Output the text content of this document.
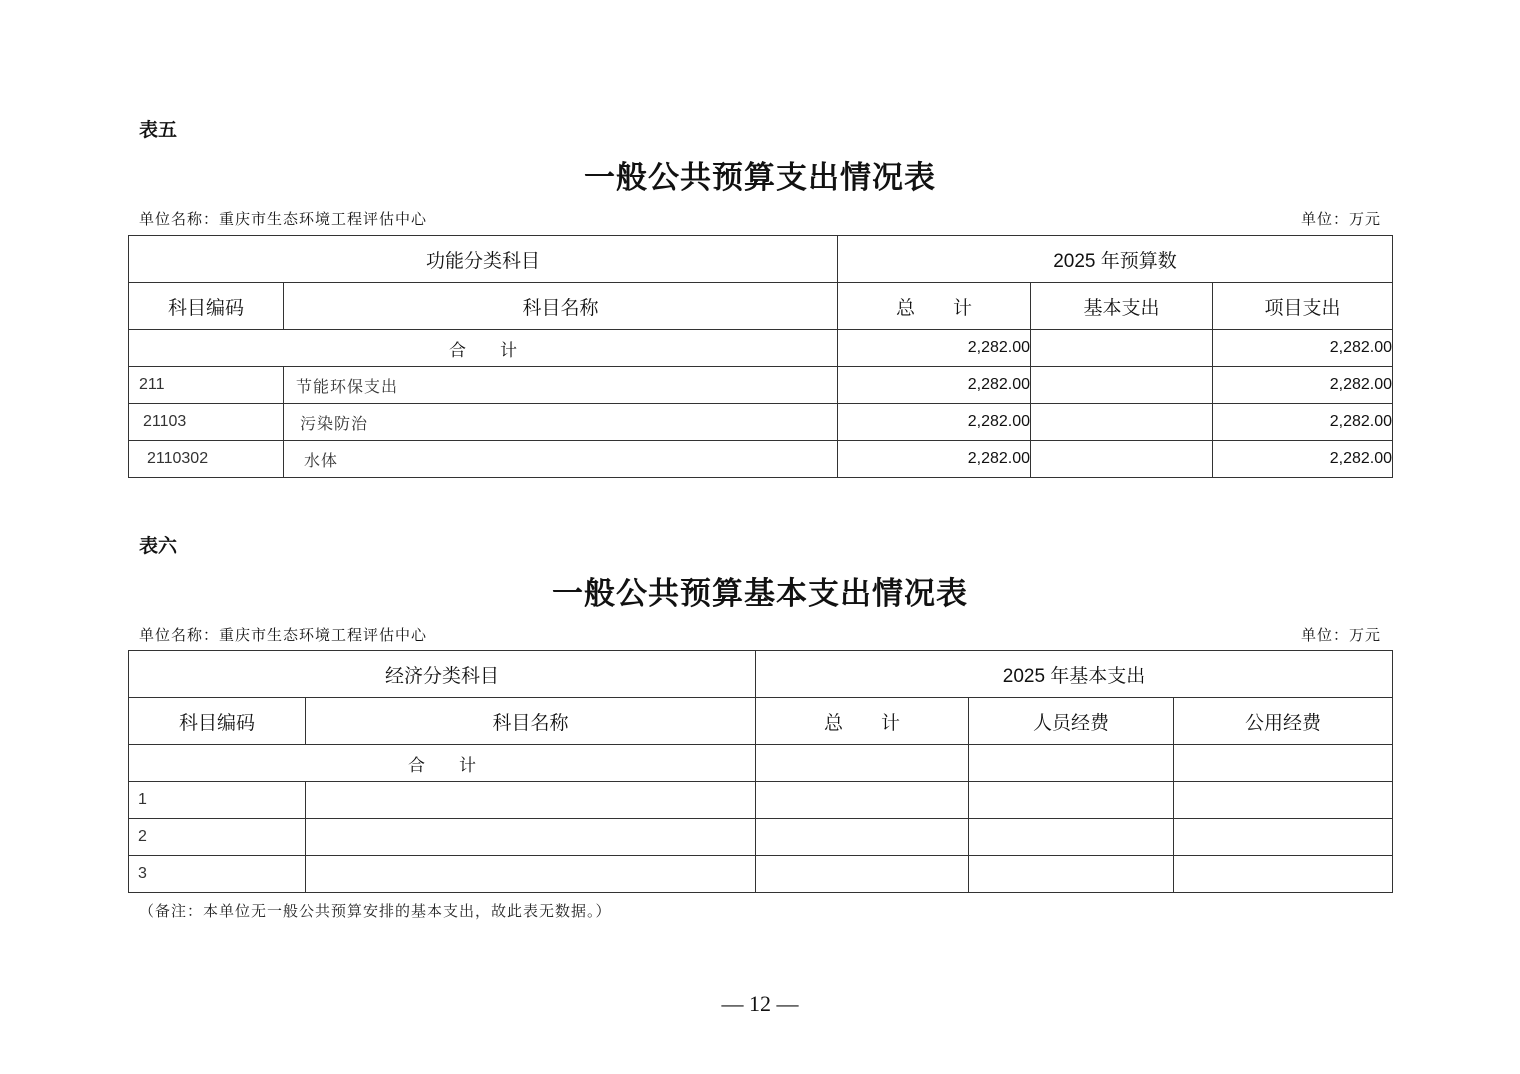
表五
一般公共预算支出情况表
单位名称：重庆市生态环境工程评估中心	单位：万元
功能分类科目		2025 年预算数		
科目编码	科目名称	总　　计	基本支出	项目支出
合　　计		2,282.00		2,282.00
211	节能环保支出	2,282.00		2,282.00
21103	污染防治	2,282.00		2,282.00
2110302	水体	2,282.00		2,282.00
表六
一般公共预算基本支出情况表
单位名称：重庆市生态环境工程评估中心	单位：万元
经济分类科目		2025 年基本支出		
科目编码	科目名称	总　　计	人员经费	公用经费
合　　计				
1				
2				
3				
（备注：本单位无一般公共预算安排的基本支出，故此表无数据。）
— 12 —
